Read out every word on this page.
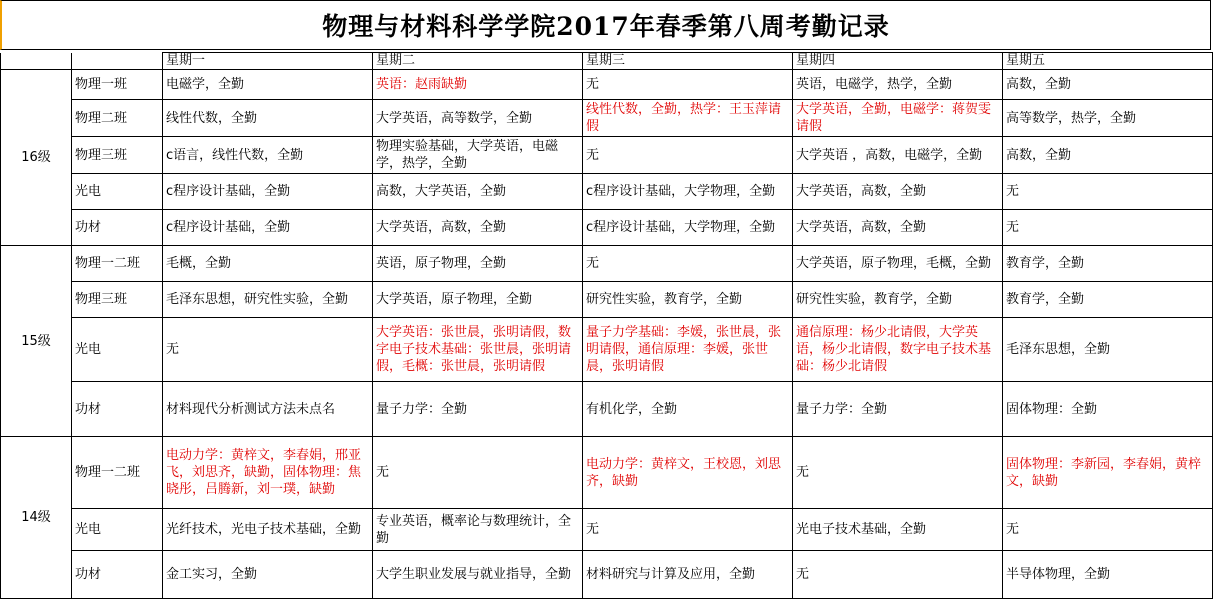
物理与材料科学学院2017年春季第八周考勤记录
		星期一	星期二	星期三	星期四	星期五
16级	物理一班	电磁学，全勤	英语：赵雨缺勤	无	英语，电磁学，热学，全勤	高数，全勤
	物理二班	线性代数，全勤	大学英语，高等数学，全勤	线性代数，全勤，热学：王玉萍请假	大学英语，全勤，电磁学：蒋贺雯请假	高等数学，热学，全勤
	物理三班	c语言，线性代数，全勤	物理实验基础，大学英语，电磁学，热学，全勤	无	大学英语 ，高数，电磁学，全勤	高数，全勤
	光电	c程序设计基础，全勤	高数，大学英语，全勤	c程序设计基础，大学物理，全勤	大学英语，高数，全勤	无
	功材	c程序设计基础，全勤	大学英语，高数，全勤	c程序设计基础，大学物理，全勤	大学英语，高数，全勤	无
15级	物理一二班	毛概，全勤	英语，原子物理，全勤	无	大学英语，原子物理，毛概，全勤	教育学，全勤
	物理三班	毛泽东思想，研究性实验，全勤	大学英语，原子物理，全勤	研究性实验，教育学，全勤	研究性实验，教育学，全勤	教育学，全勤
	光电	无	大学英语：张世晨，张明请假，数字电子技术基础：张世晨，张明请假，毛概：张世晨，张明请假	量子力学基础：李媛，张世晨，张明请假，通信原理：李媛，张世晨，张明请假	通信原理：杨少北请假，大学英语，杨少北请假，数字电子技术基础：杨少北请假	毛泽东思想，全勤
	功材	材料现代分析测试方法未点名	量子力学：全勤	有机化学，全勤	量子力学：全勤	固体物理：全勤
14级	物理一二班	电动力学：黄梓文，李春娟，邢亚飞，刘思齐，缺勤，固体物理：焦晓彤，吕腾新，刘一璞，缺勤	无	电动力学：黄梓文，王校恩，刘思齐，缺勤	无	固体物理：李新园，李春娟，黄梓文，缺勤
	光电	光纤技术，光电子技术基础，全勤	专业英语，概率论与数理统计，全勤	无	光电子技术基础，全勤	无
	功材	金工实习，全勤	大学生职业发展与就业指导，全勤	材料研究与计算及应用，全勤	无	半导体物理，全勤
